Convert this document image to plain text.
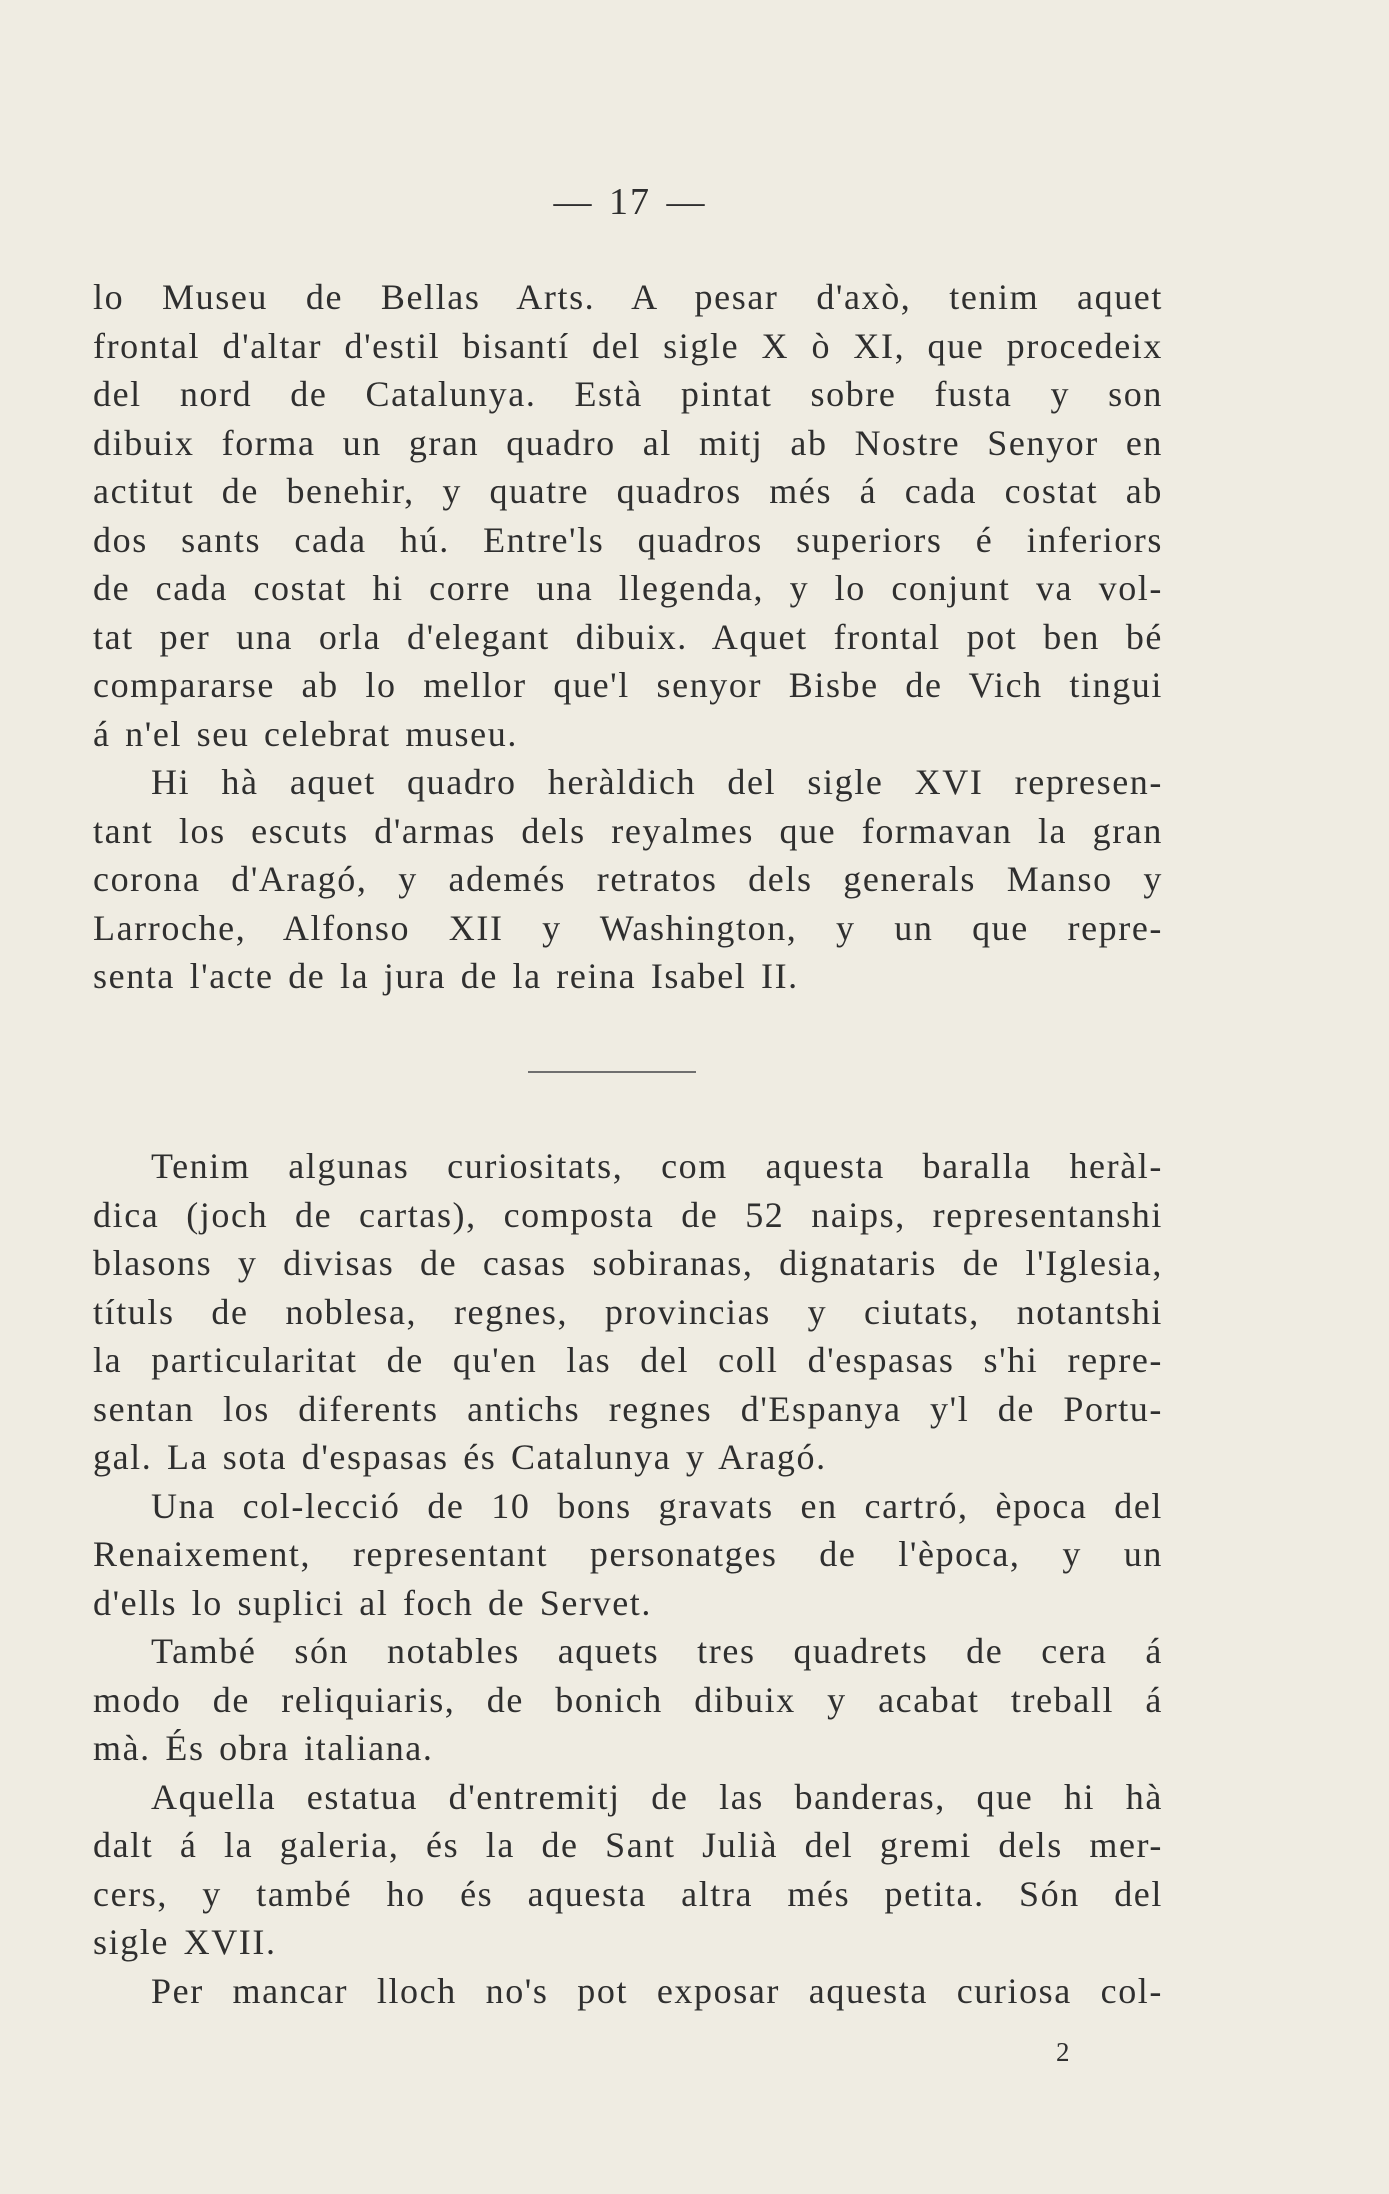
— 17 —
lo Museu de Bellas Arts. A pesar d'axò, tenim aquet
frontal d'altar d'estil bisantí del sigle X ò XI, que procedeix
del nord de Catalunya. Està pintat sobre fusta y son
dibuix forma un gran quadro al mitj ab Nostre Senyor en
actitut de benehir, y quatre quadros més á cada costat ab
dos sants cada hú. Entre'ls quadros superiors é inferiors
de cada costat hi corre una llegenda, y lo conjunt va vol-
tat per una orla d'elegant dibuix. Aquet frontal pot ben bé
compararse ab lo mellor que'l senyor Bisbe de Vich tingui
á n'el seu celebrat museu.
Hi hà aquet quadro heràldich del sigle XVI represen-
tant los escuts d'armas dels reyalmes que formavan la gran
corona d'Aragó, y ademés retratos dels generals Manso y
Larroche, Alfonso XII y Washington, y un que repre-
senta l'acte de la jura de la reina Isabel II.
Tenim algunas curiositats, com aquesta baralla heràl-
dica (joch de cartas), composta de 52 naips, representanshi
blasons y divisas de casas sobiranas, dignataris de l'Iglesia,
títuls de noblesa, regnes, provincias y ciutats, notantshi
la particularitat de qu'en las del coll d'espasas s'hi repre-
sentan los diferents antichs regnes d'Espanya y'l de Portu-
gal. La sota d'espasas és Catalunya y Aragó.
Una col-lecció de 10 bons gravats en cartró, època del
Renaixement, representant personatges de l'època, y un
d'ells lo suplici al foch de Servet.
També són notables aquets tres quadrets de cera á
modo de reliquiaris, de bonich dibuix y acabat treball á
mà. És obra italiana.
Aquella estatua d'entremitj de las banderas, que hi hà
dalt á la galeria, és la de Sant Julià del gremi dels mer-
cers, y també ho és aquesta altra més petita. Són del
sigle XVII.
Per mancar lloch no's pot exposar aquesta curiosa col-
2
